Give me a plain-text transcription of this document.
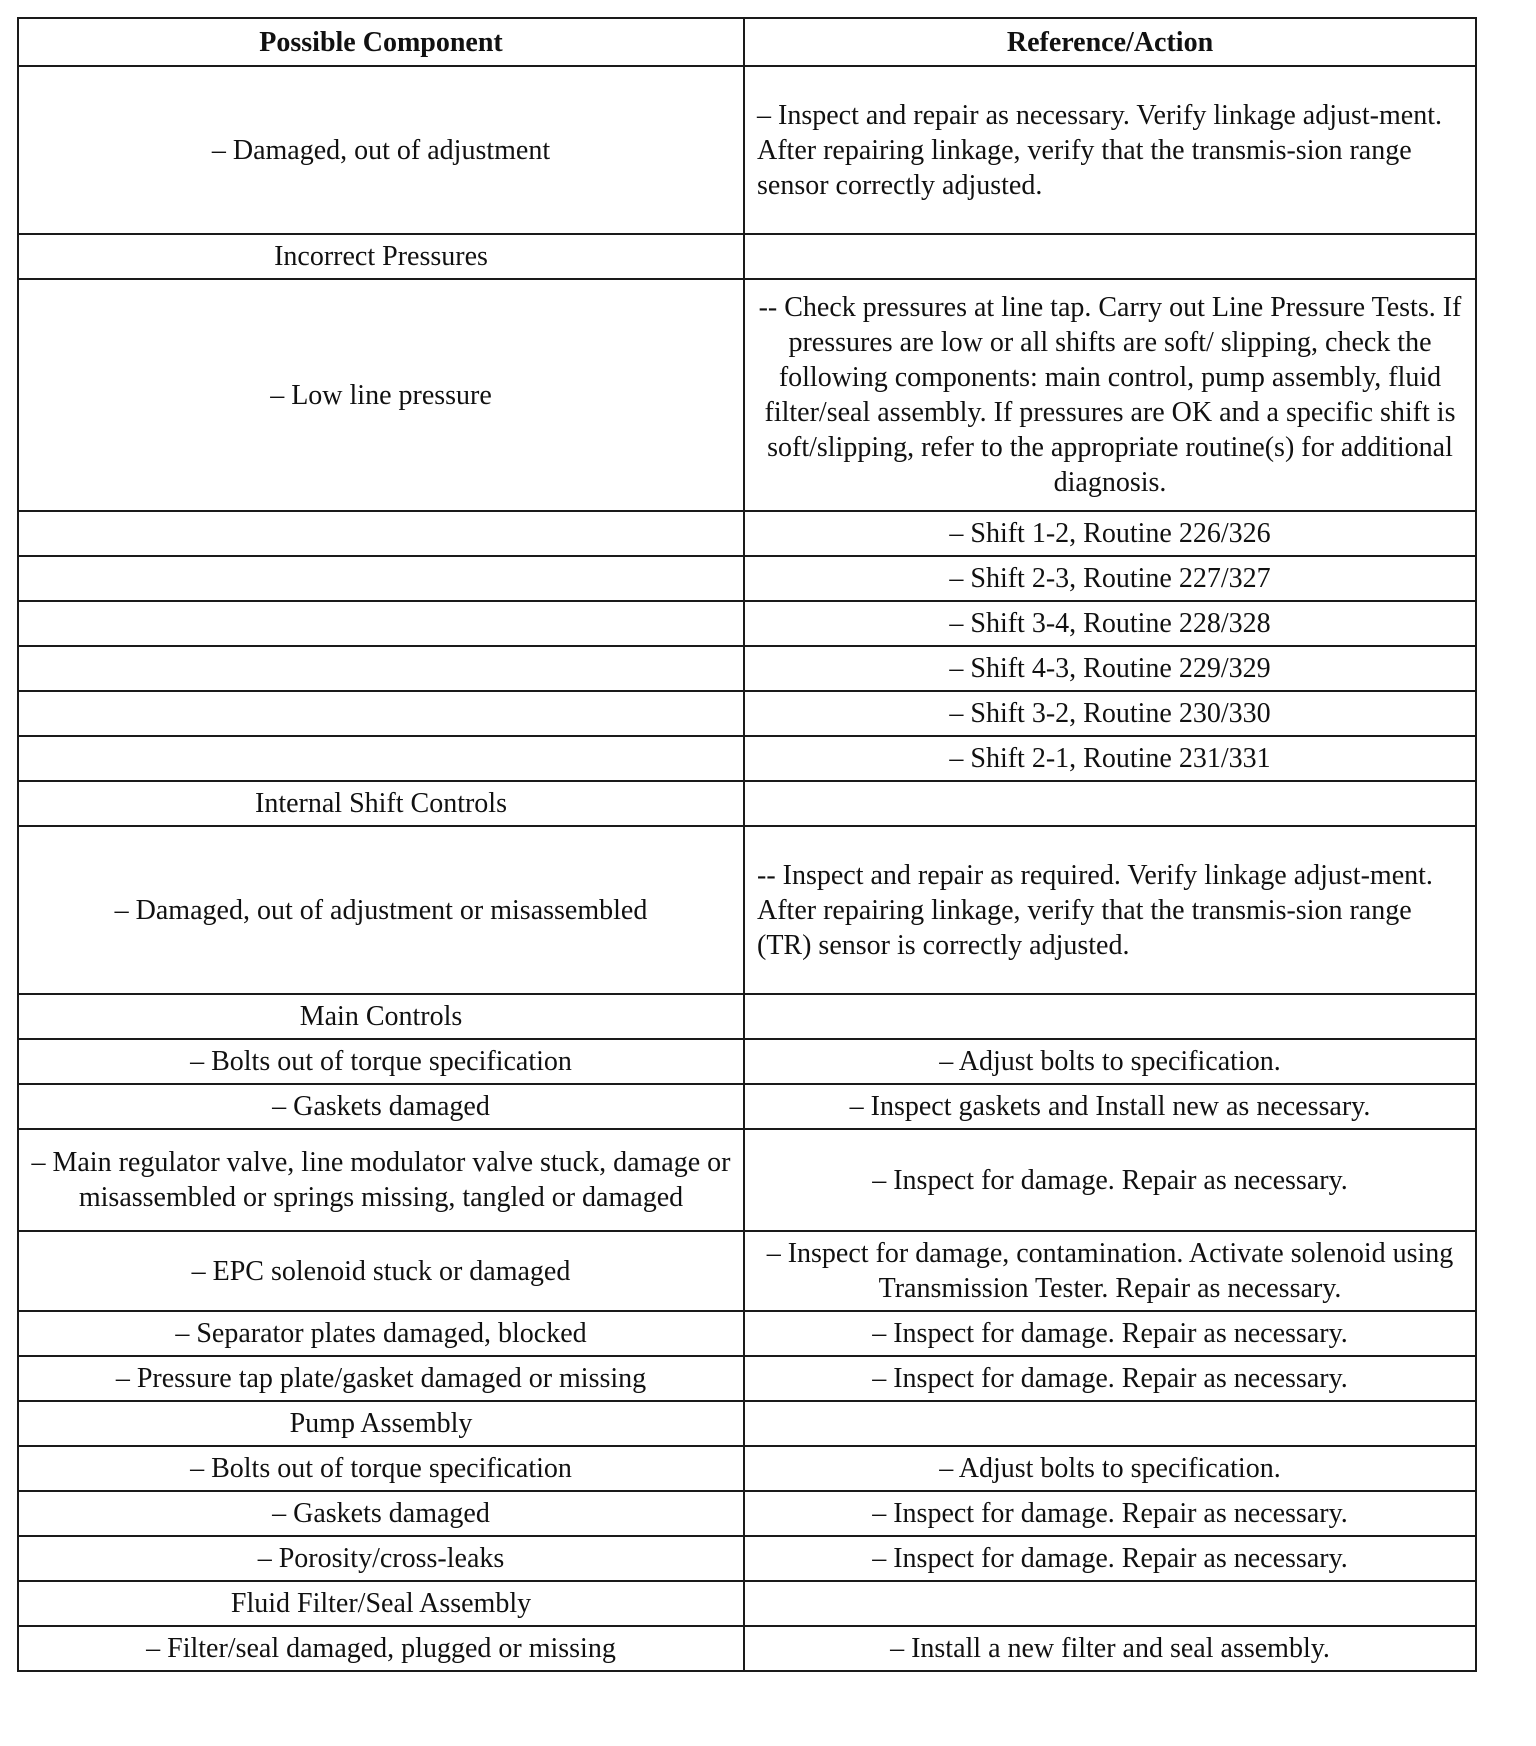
Possible Component	Reference/Action
– Damaged, out of adjustment	– Inspect and repair as necessary. Verify linkage adjust-ment.
After repairing linkage, verify that the transmis-sion range sensor correctly adjusted.

Incorrect Pressures	

– Low line pressure	-- Check pressures at line tap. Carry out Line Pressure Tests. If pressures are low or all shifts are soft/ slipping, check the following components: main control, pump assembly, fluid filter/seal assembly. If pressures are OK and a specific shift is soft/slipping, refer to the appropriate routine(s) for additional diagnosis.

	– Shift 1-2, Routine 226/326

	– Shift 2-3, Routine 227/327

	– Shift 3-4, Routine 228/328

	– Shift 4-3, Routine 229/329

	– Shift 3-2, Routine 230/330

	– Shift 2-1, Routine 231/331

Internal Shift Controls	

– Damaged, out of adjustment or misassembled	-- Inspect and repair as required. Verify linkage adjust-ment.
After repairing linkage, verify that the transmis-sion range (TR) sensor is correctly adjusted.

Main Controls	

– Bolts out of torque specification	– Adjust bolts to specification.

– Gaskets damaged	– Inspect gaskets and Install new as necessary.

– Main regulator valve, line modulator valve stuck, damage or misassembled or springs missing, tangled or damaged	– Inspect for damage. Repair as necessary.

– EPC solenoid stuck or damaged	– Inspect for damage, contamination. Activate solenoid using Transmission Tester. Repair as necessary.

– Separator plates damaged, blocked	– Inspect for damage. Repair as necessary.

– Pressure tap plate/gasket damaged or missing	– Inspect for damage. Repair as necessary.

Pump Assembly	

– Bolts out of torque specification	– Adjust bolts to specification.

– Gaskets damaged	– Inspect for damage. Repair as necessary.

– Porosity/cross-leaks	– Inspect for damage. Repair as necessary.

Fluid Filter/Seal Assembly	

– Filter/seal damaged, plugged or missing	– Install a new filter and seal assembly.
